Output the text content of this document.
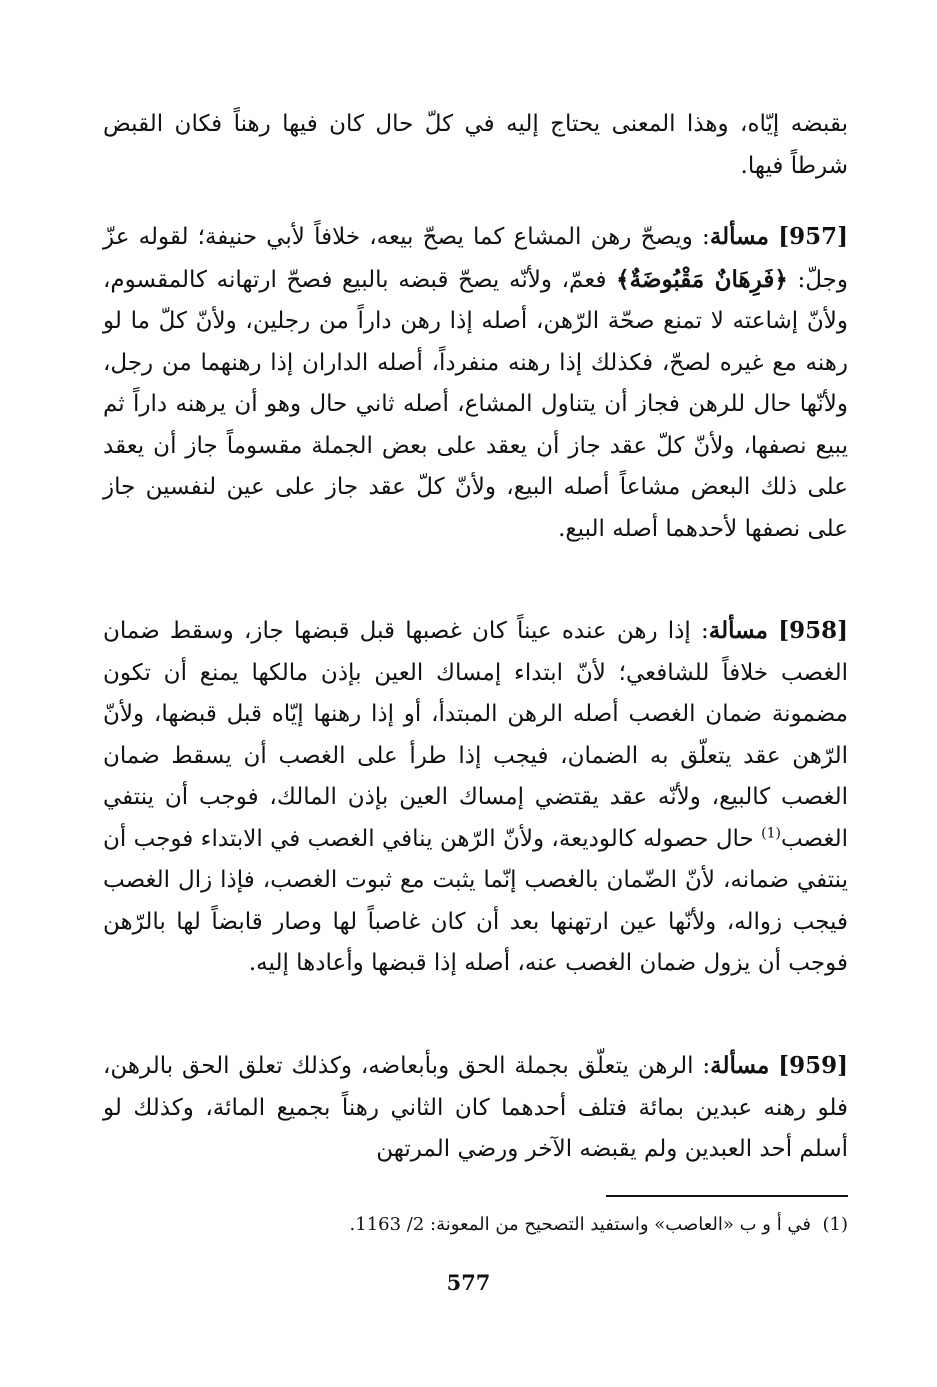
بقبضه إيّاه، وهذا المعنى يحتاج إليه في كلّ حال كان فيها رهناً فكان القبض شرطاً فيها.

[957] مسألة: ويصحّ رهن المشاع كما يصحّ بيعه، خلافاً لأبي حنيفة؛ لقوله عزّ وجلّ: ﴿فَرِهَانٌ مَقْبُوضَةٌ﴾ فعمّ، ولأنّه يصحّ قبضه بالبيع فصحّ ارتهانه كالمقسوم، ولأنّ إشاعته لا تمنع صحّة الرّهن، أصله إذا رهن داراً من رجلين، ولأنّ كلّ ما لو رهنه مع غيره لصحّ، فكذلك إذا رهنه منفرداً، أصله الداران إذا رهنهما من رجل، ولأنّها حال للرهن فجاز أن يتناول المشاع، أصله ثاني حال وهو أن يرهنه داراً ثم يبيع نصفها، ولأنّ كلّ عقد جاز أن يعقد على بعض الجملة مقسوماً جاز أن يعقد على ذلك البعض مشاعاً أصله البيع، ولأنّ كلّ عقد جاز على عين لنفسين جاز على نصفها لأحدهما أصله البيع.

[958] مسألة: إذا رهن عنده عيناً كان غصبها قبل قبضها جاز، وسقط ضمان الغصب خلافاً للشافعي؛ لأنّ ابتداء إمساك العين بإذن مالكها يمنع أن تكون مضمونة ضمان الغصب أصله الرهن المبتدأ، أو إذا رهنها إيّاه قبل قبضها، ولأنّ الرّهن عقد يتعلّق به الضمان، فيجب إذا طرأ على الغصب أن يسقط ضمان الغصب كالبيع، ولأنّه عقد يقتضي إمساك العين بإذن المالك، فوجب أن ينتفي الغصب$^{(1)}$ حال حصوله كالوديعة، ولأنّ الرّهن ينافي الغصب في الابتداء فوجب أن ينتفي ضمانه، لأنّ الضّمان بالغصب إنّما يثبت مع ثبوت الغصب، فإذا زال الغصب فيجب زواله، ولأنّها عين ارتهنها بعد أن كان غاصباً لها وصار قابضاً لها بالرّهن فوجب أن يزول ضمان الغصب عنه، أصله إذا قبضها وأعادها إليه.

[959] مسألة: الرهن يتعلّق بجملة الحق وبأبعاضه، وكذلك تعلق الحق بالرهن، فلو رهنه عبدين بمائة فتلف أحدهما كان الثاني رهناً بجميع المائة، وكذلك لو أسلم أحد العبدين ولم يقبضه الآخر ورضي المرتهن

(1)  في أ و ب «العاصب» واستفيد التصحيح من المعونة: 2/ 1163.

577
